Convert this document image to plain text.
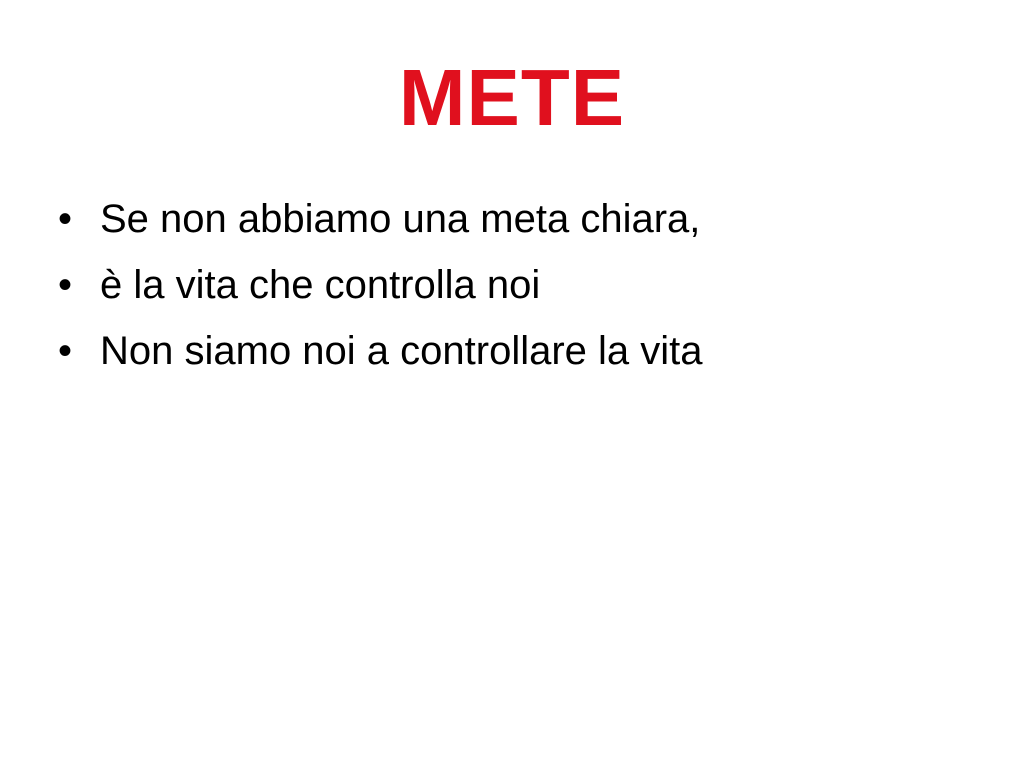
METE
• Se non abbiamo una meta chiara,
• è la vita che controlla noi
• Non siamo noi a controllare la vita
